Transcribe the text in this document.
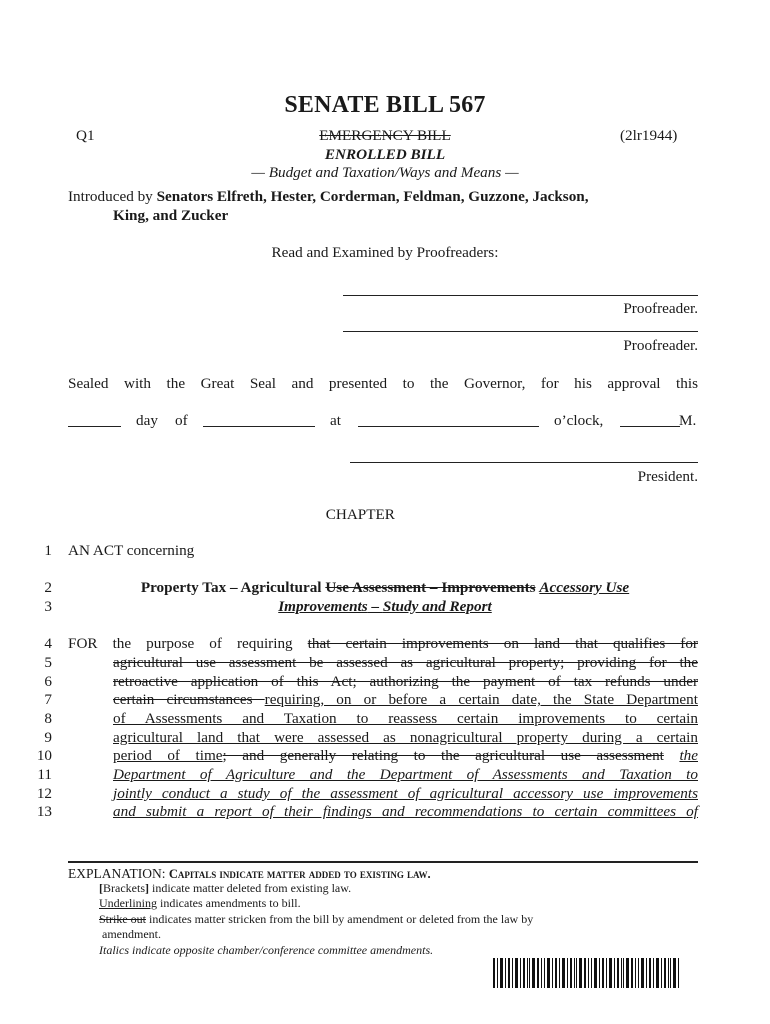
SENATE BILL 567
Q1	EMERGENCY BILL	(2lr1944)
ENROLLED BILL
— Budget and Taxation/Ways and Means —
Introduced by Senators Elfreth, Hester, Corderman, Feldman, Guzzone, Jackson,
King, and Zucker
Read and Examined by Proofreaders:
Proofreader.
Proofreader.
Sealed with the Great Seal and presented to the Governor, for his approval this
day of	at	o’clock,	M.
President.
CHAPTER
1
2
3
4
5
6
7
8
9
10
11
12
13
AN ACT concerning
Property Tax – Agricultural Use Assessment – Improvements Accessory Use
Improvements – Study and Report
FOR the purpose of requiring that certain improvements on land that qualifies for
agricultural use assessment be assessed as agricultural property; providing for the
retroactive application of this Act; authorizing the payment of tax refunds under
certain circumstances requiring, on or before a certain date, the State Department
of Assessments and Taxation to reassess certain improvements to certain
agricultural land that were assessed as nonagricultural property during a certain
period of time; and generally relating to the agricultural use assessment the
Department of Agriculture and the Department of Assessments and Taxation to
jointly conduct a study of the assessment of agricultural accessory use improvements
and submit a report of their findings and recommendations to certain committees of
EXPLANATION: Capitals indicate matter added to existing law.
[Brackets] indicate matter deleted from existing law.
Underlining indicates amendments to bill.
Strike out indicates matter stricken from the bill by amendment or deleted from the law by
amendment.
Italics indicate opposite chamber/conference committee amendments.
